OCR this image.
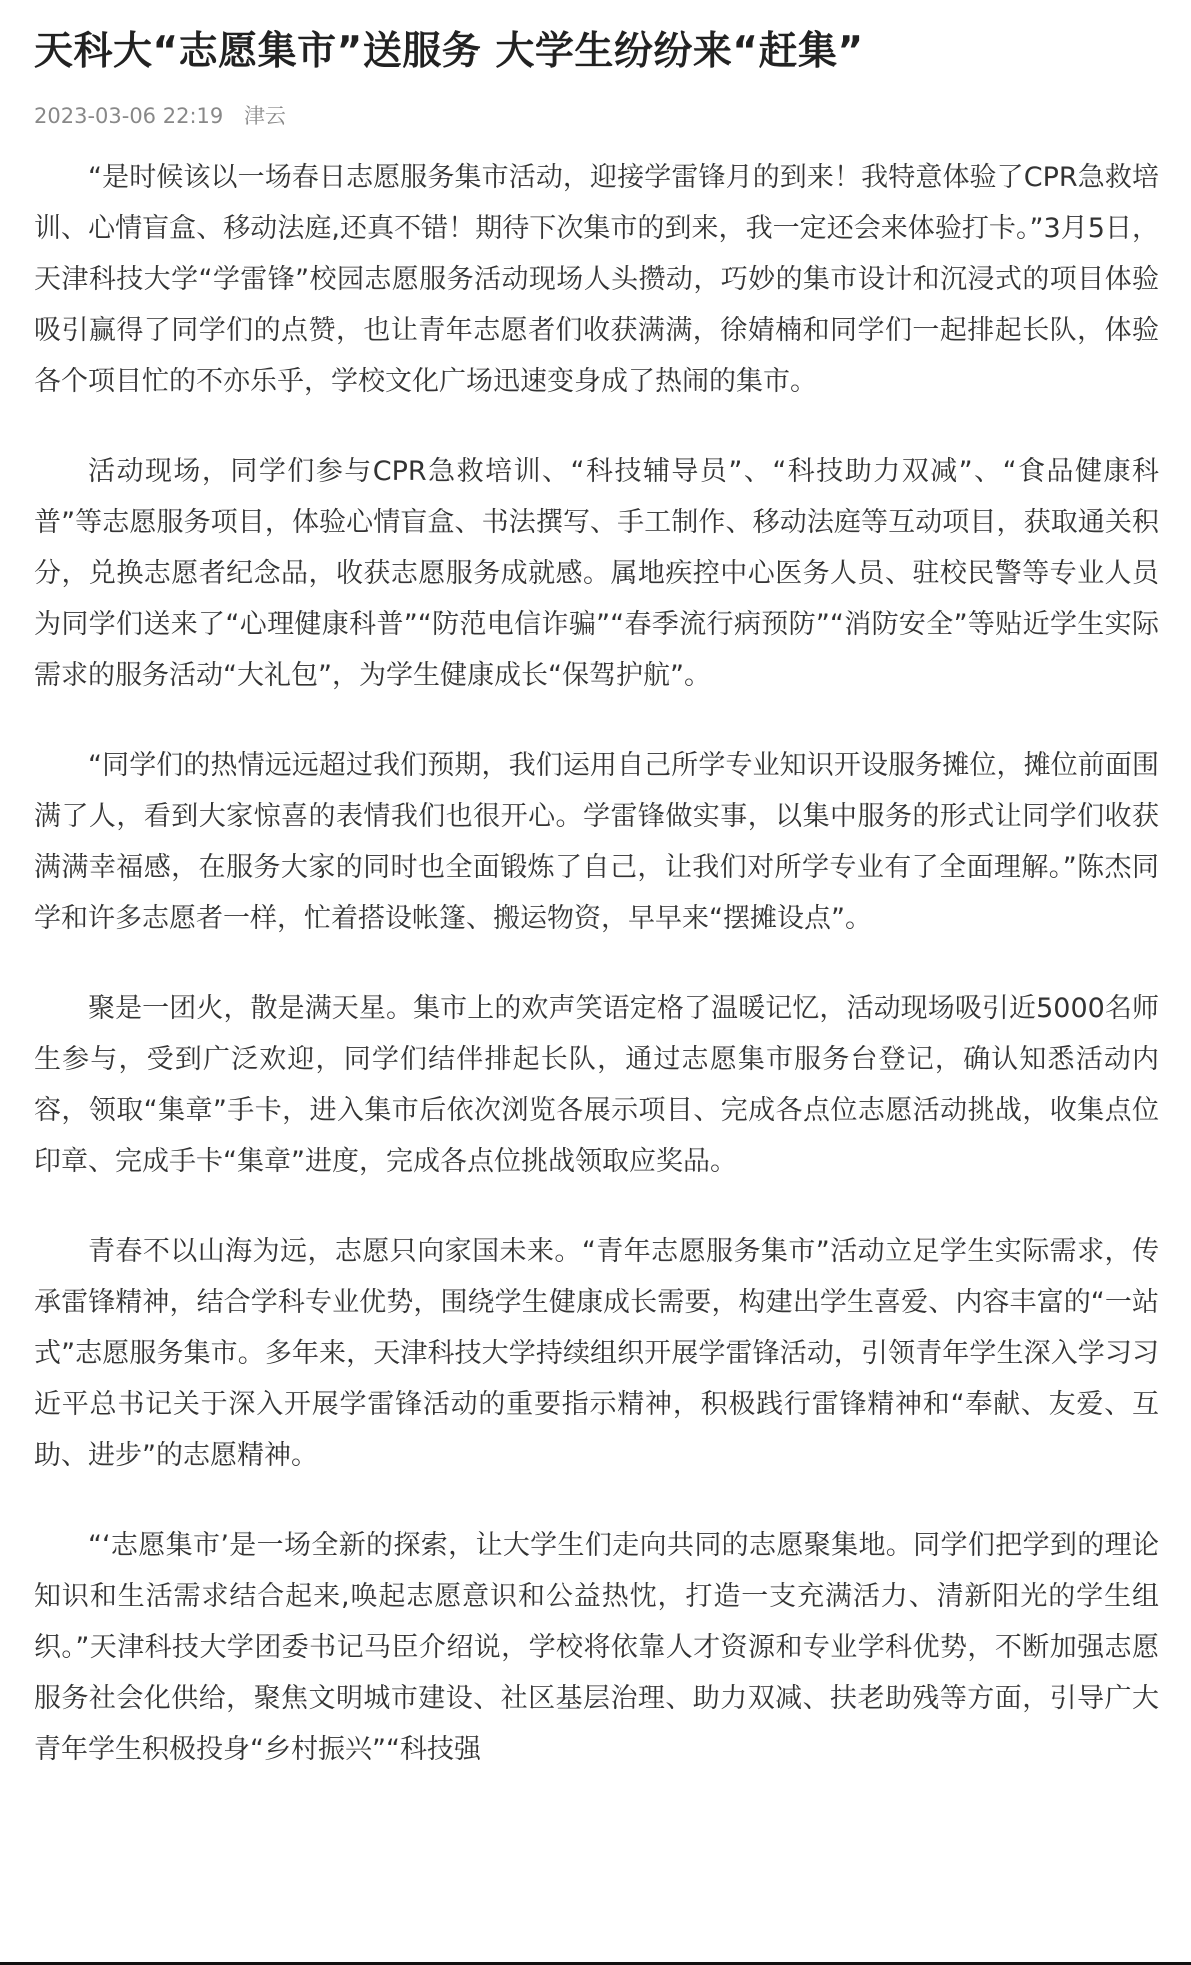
天科大“志愿集市”送服务 大学生纷纷来“赶集”
2023-03-06 22:19 津云

“是时候该以一场春日志愿服务集市活动，迎接学雷锋月的到来！我特意体验了CPR急救培训、心情盲盒、移动法庭,还真不错！期待下次集市的到来，我一定还会来体验打卡。”3月5日，天津科技大学“学雷锋”校园志愿服务活动现场人头攒动，巧妙的集市设计和沉浸式的项目体验吸引赢得了同学们的点赞，也让青年志愿者们收获满满，徐婧楠和同学们一起排起长队，体验各个项目忙的不亦乐乎，学校文化广场迅速变身成了热闹的集市。

活动现场，同学们参与CPR急救培训、“科技辅导员”、“科技助力双减”、“食品健康科普”等志愿服务项目，体验心情盲盒、书法撰写、手工制作、移动法庭等互动项目，获取通关积分，兑换志愿者纪念品，收获志愿服务成就感。属地疾控中心医务人员、驻校民警等专业人员为同学们送来了“心理健康科普”“防范电信诈骗”“春季流行病预防”“消防安全”等贴近学生实际需求的服务活动“大礼包”，为学生健康成长“保驾护航”。

“同学们的热情远远超过我们预期，我们运用自己所学专业知识开设服务摊位，摊位前面围满了人，看到大家惊喜的表情我们也很开心。学雷锋做实事，以集中服务的形式让同学们收获满满幸福感，在服务大家的同时也全面锻炼了自己，让我们对所学专业有了全面理解。”陈杰同学和许多志愿者一样，忙着搭设帐篷、搬运物资，早早来“摆摊设点”。

聚是一团火，散是满天星。集市上的欢声笑语定格了温暖记忆，活动现场吸引近5000名师生参与，受到广泛欢迎，同学们结伴排起长队，通过志愿集市服务台登记，确认知悉活动内容，领取“集章”手卡，进入集市后依次浏览各展示项目、完成各点位志愿活动挑战，收集点位印章、完成手卡“集章”进度，完成各点位挑战领取应奖品。

青春不以山海为远，志愿只向家国未来。“青年志愿服务集市”活动立足学生实际需求，传承雷锋精神，结合学科专业优势，围绕学生健康成长需要，构建出学生喜爱、内容丰富的“一站式”志愿服务集市。多年来，天津科技大学持续组织开展学雷锋活动，引领青年学生深入学习习近平总书记关于深入开展学雷锋活动的重要指示精神，积极践行雷锋精神和“奉献、友爱、互助、进步”的志愿精神。

“‘志愿集市’是一场全新的探索，让大学生们走向共同的志愿聚集地。同学们把学到的理论知识和生活需求结合起来,唤起志愿意识和公益热忱，打造一支充满活力、清新阳光的学生组织。”天津科技大学团委书记马臣介绍说，学校将依靠人才资源和专业学科优势，不断加强志愿服务社会化供给，聚焦文明城市建设、社区基层治理、助力双减、扶老助残等方面，引导广大青年学生积极投身“乡村振兴”“科技强
